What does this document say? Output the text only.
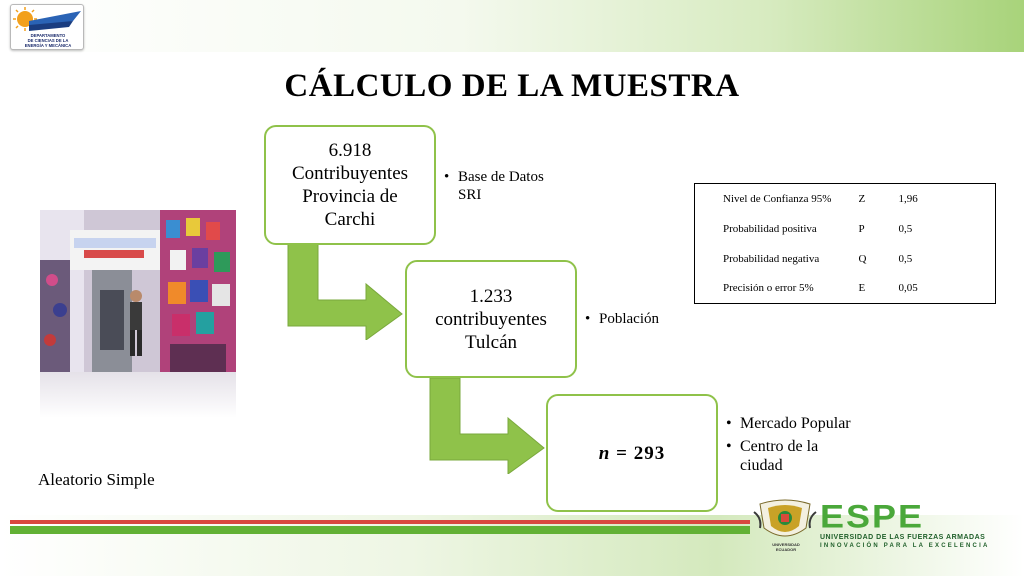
DEPARTAMENTO
DE CIENCIAS DE LA
ENERGÍA Y MECÁNICA
CÁLCULO DE LA MUESTRA
Aleatorio Simple
6.918 Contribuyentes Provincia de Carchi
• Base de Datos SRI
1.233 contribuyentes Tulcán
• Población
n = 293
• Mercado Popular
• Centro de la ciudad
Nivel de Confianza 95%	Z	1,96
Probabilidad positiva	P	0,5
Probabilidad negativa	Q	0,5
Precisión o error 5%	E	0,05
UNIVERSIDAD ECUADOR
ESPE
UNIVERSIDAD DE LAS FUERZAS ARMADAS
INNOVACIÓN PARA LA EXCELENCIA
